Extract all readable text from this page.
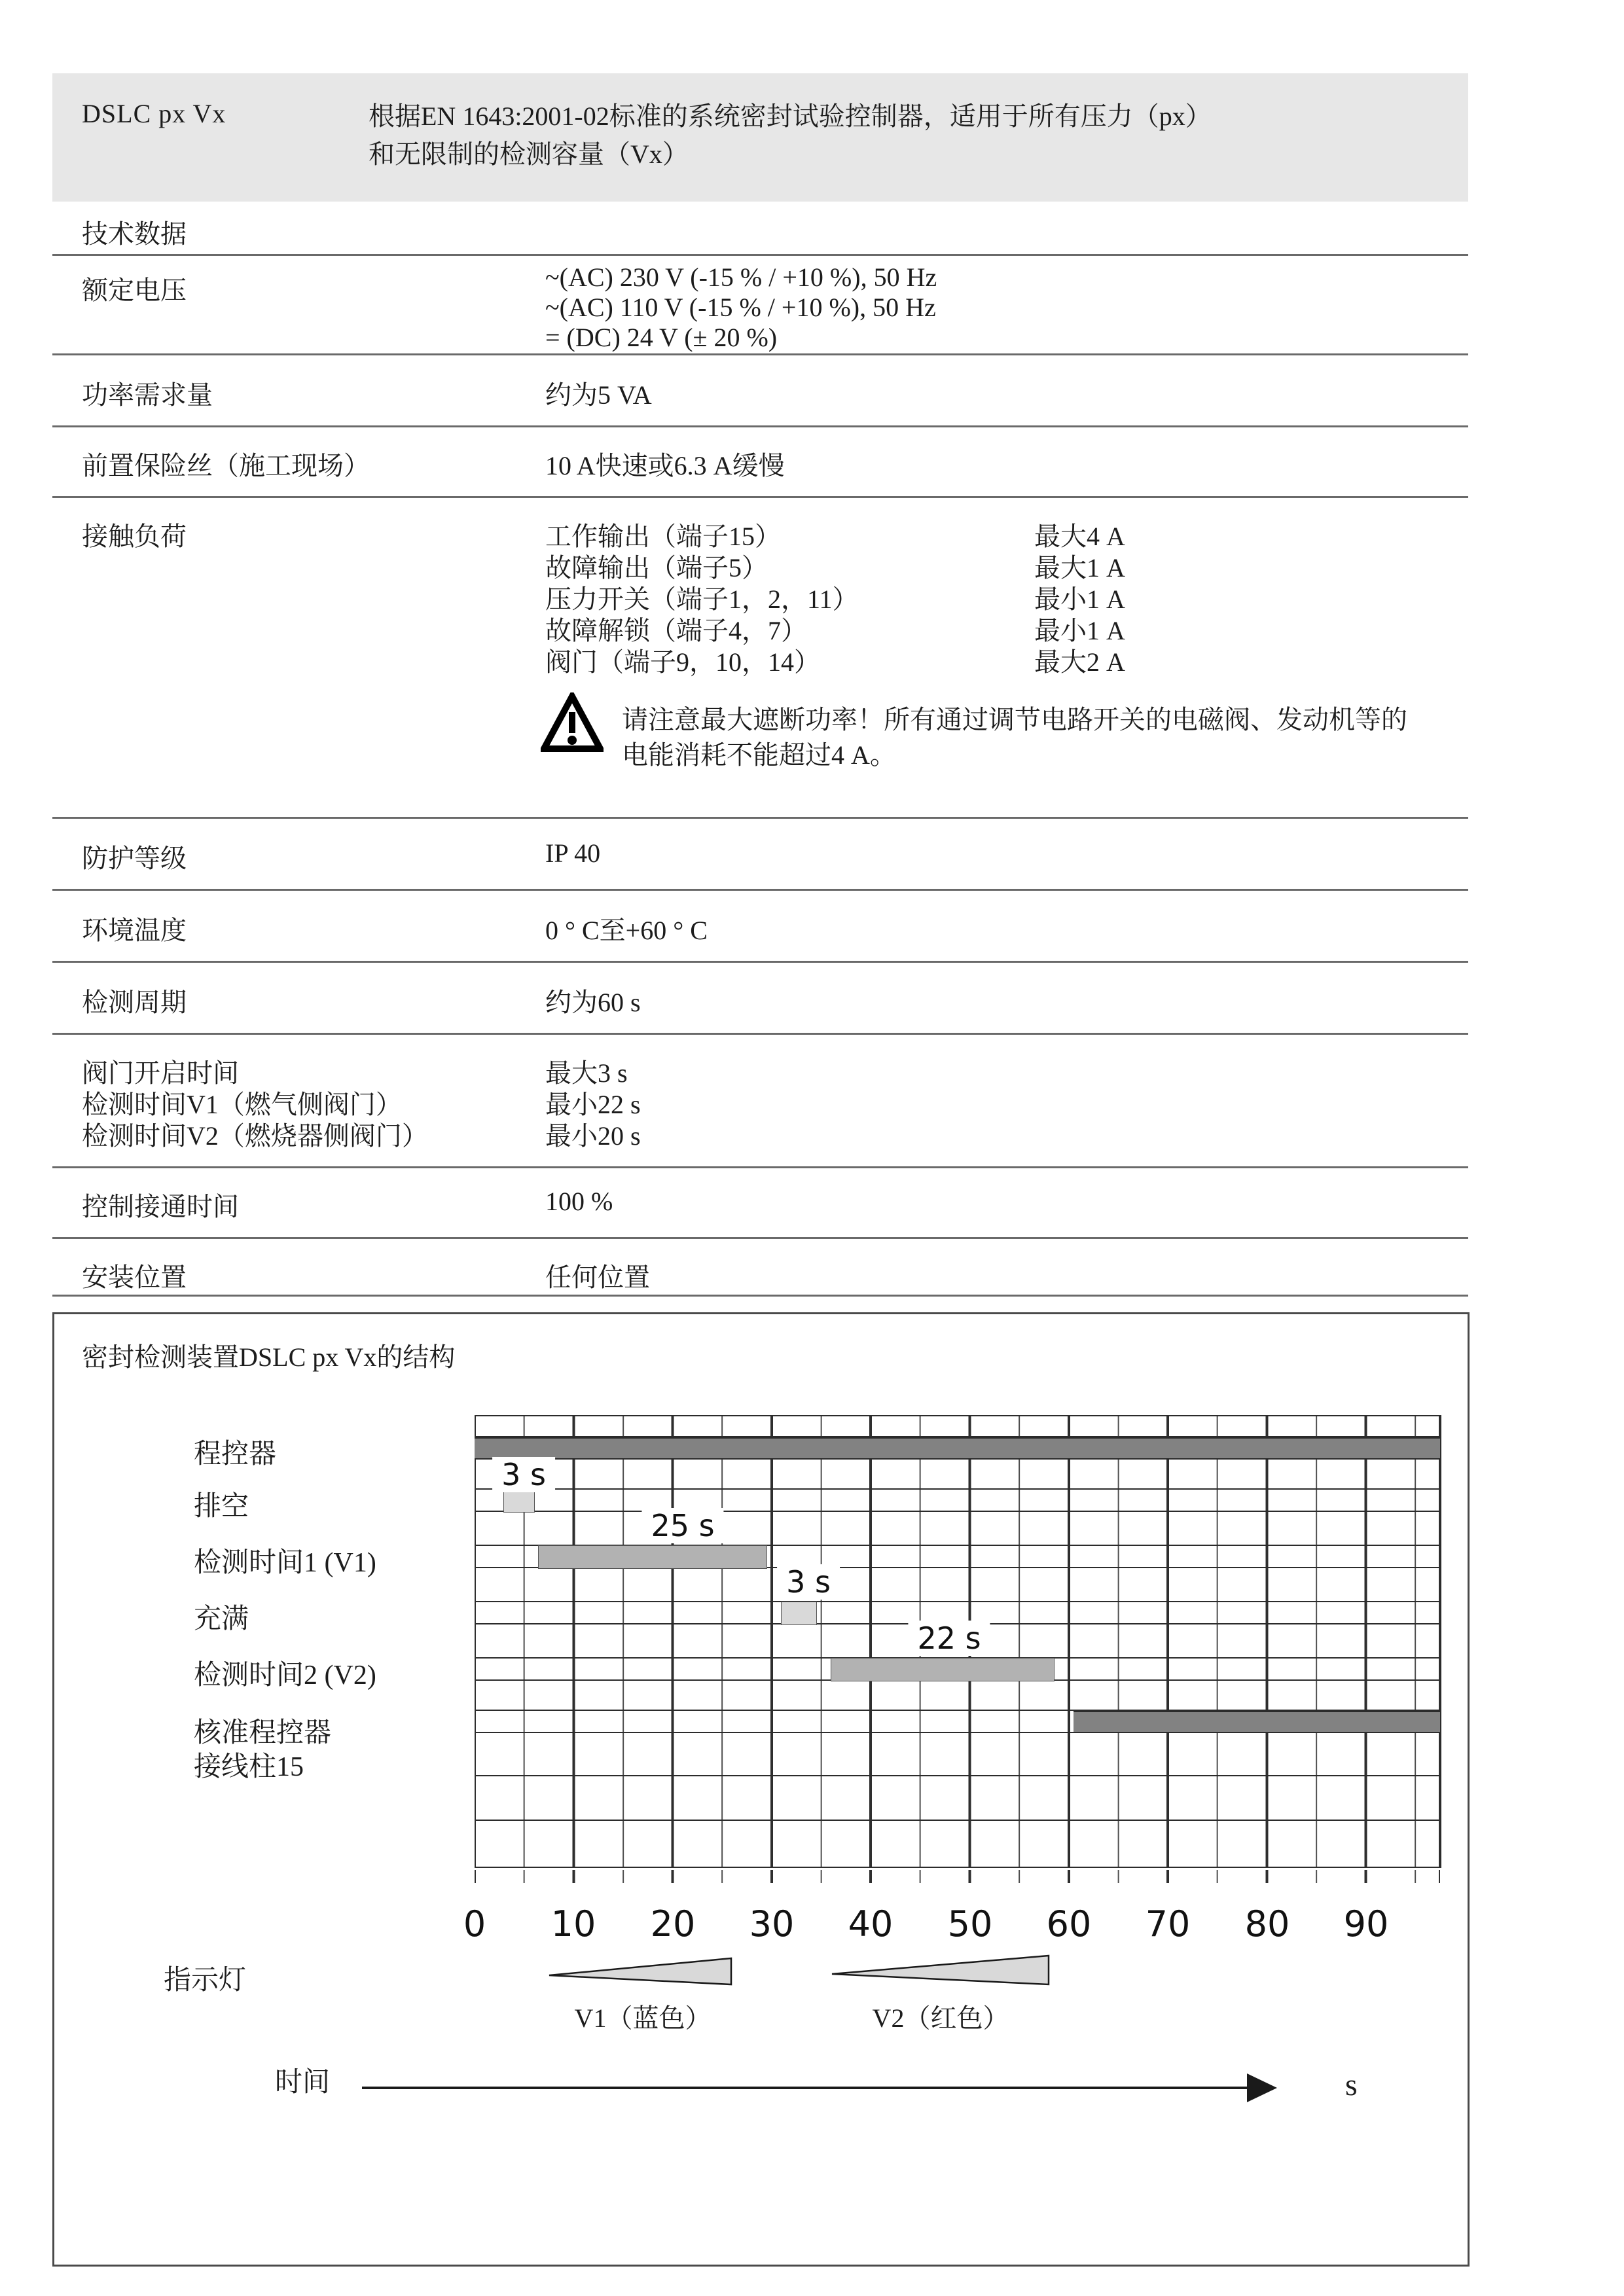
DSLC px Vx	根据EN 1643:2001-02标准的系统密封试验控制器，适用于所有压力（px）
和无限制的检测容量（Vx）
技术数据
额定电压	~(AC) 230 V (-15 % / +10 %), 50 Hz
~(AC) 110 V (-15 % / +10 %), 50 Hz
= (DC) 24 V (± 20 %)
功率需求量	约为5 VA
前置保险丝（施工现场）	10 A快速或6.3 A缓慢
接触负荷	工作输出（端子15）	最大4 A
故障输出（端子5）	最大1 A
压力开关（端子1，2，11）	最小1 A
故障解锁（端子4，7）	最小1 A
阀门（端子9，10，14）	最大2 A
请注意最大遮断功率！所有通过调节电路开关的电磁阀、发动机等的
电能消耗不能超过4 A。
防护等级	IP 40
环境温度	0 ° C至+60 ° C
检测周期	约为60 s
阀门开启时间	最大3 s
检测时间V1（燃气侧阀门）	最小22 s
检测时间V2（燃烧器侧阀门）	最小20 s
控制接通时间	100 %
安装位置	任何位置
密封检测装置DSLC px Vx的结构
程控器
排空
检测时间1 (V1)
充满
检测时间2 (V2)
核准程控器
接线柱15
3 s
25 s
3 s
22 s
0 10 20 30 40 50 60 70 80 90
指示灯
V1（蓝色）	V2（红色）
时间	s
